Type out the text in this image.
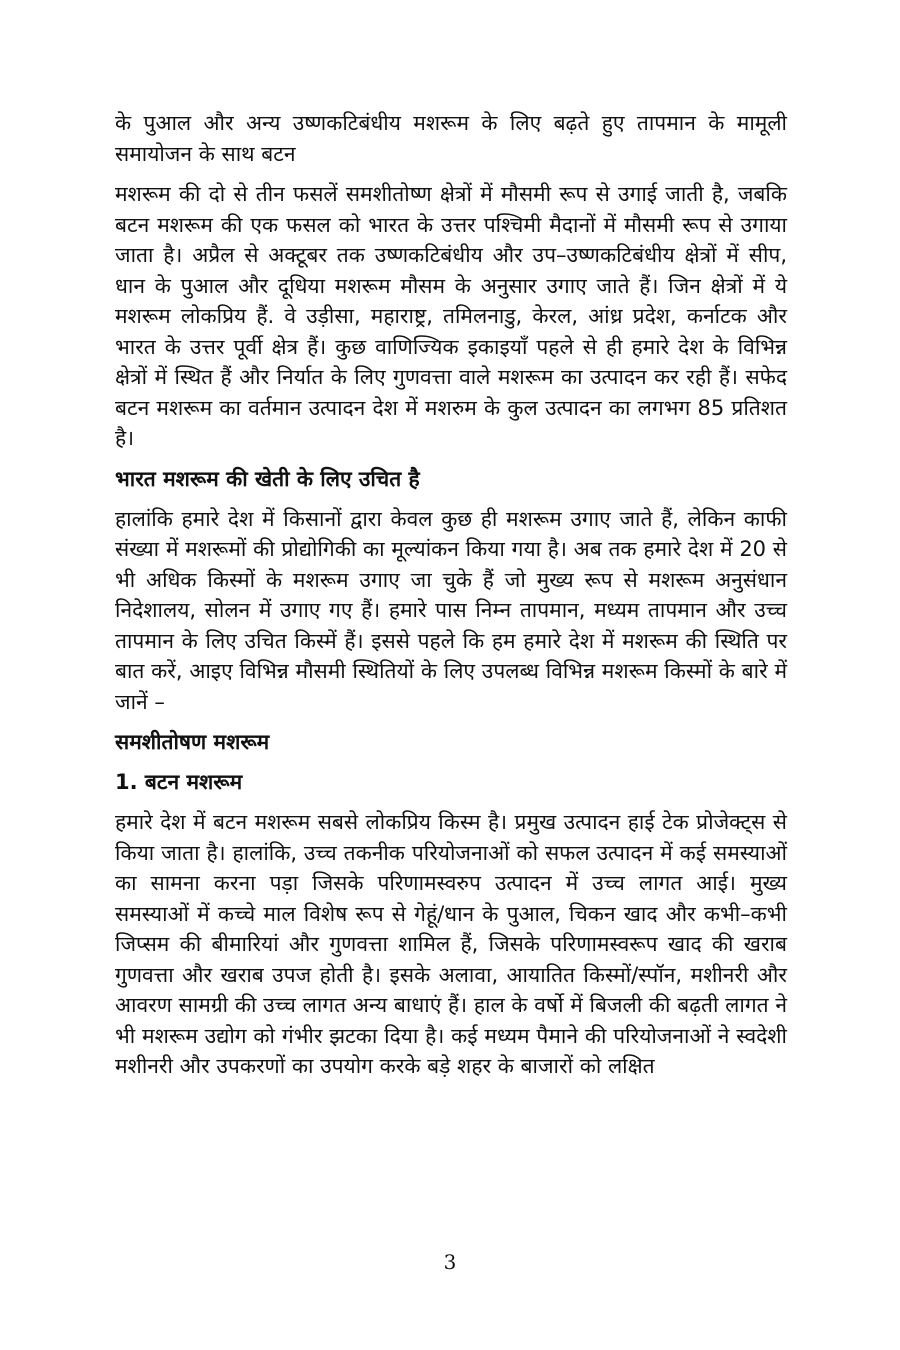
के पुआल और अन्य उष्णकटिबंधीय मशरूम के लिए बढ़ते हुए तापमान के मामूली समायोजन के साथ बटन

मशरूम की दो से तीन फसलें समशीतोष्ण क्षेत्रों में मौसमी रूप से उगाई जाती है, जबकि बटन मशरूम की एक फसल को भारत के उत्तर पश्चिमी मैदानों में मौसमी रूप से उगाया जाता है। अप्रैल से अक्टूबर तक उष्णकटिबंधीय और उप–उष्णकटिबंधीय क्षेत्रों में सीप, धान के पुआल और दूधिया मशरूम मौसम के अनुसार उगाए जाते हैं। जिन क्षेत्रों में ये मशरूम लोकप्रिय हैं. वे उड़ीसा, महाराष्ट्र, तमिलनाडु, केरल, आंध्र प्रदेश, कर्नाटक और भारत के उत्तर पूर्वी क्षेत्र हैं। कुछ वाणिज्यिक इकाइयाँ पहले से ही हमारे देश के विभिन्न क्षेत्रों में स्थित हैं और निर्यात के लिए गुणवत्ता वाले मशरूम का उत्पादन कर रही हैं। सफेद बटन मशरूम का वर्तमान उत्पादन देश में मशरुम के कुल उत्पादन का लगभग 85 प्रतिशत है।

भारत मशरूम की खेती के लिए उचित है

हालांकि हमारे देश में किसानों द्वारा केवल कुछ ही मशरूम उगाए जाते हैं, लेकिन काफी संख्या में मशरूमों की प्रोद्योगिकी का मूल्यांकन किया गया है। अब तक हमारे देश में 20 से भी अधिक किस्मों के मशरूम उगाए जा चुके हैं जो मुख्य रूप से मशरूम अनुसंधान निदेशालय, सोलन में उगाए गए हैं। हमारे पास निम्न तापमान, मध्यम तापमान और उच्च तापमान के लिए उचित किस्में हैं। इससे पहले कि हम हमारे देश में मशरूम की स्थिति पर बात करें, आइए विभिन्न मौसमी स्थितियों के लिए उपलब्ध विभिन्न मशरूम किस्मों के बारे में जानें –

समशीतोषण मशरूम
1. बटन मशरूम

हमारे देश में बटन मशरूम सबसे लोकप्रिय किस्म है। प्रमुख उत्पादन हाई टेक प्रोजेक्ट्स से किया जाता है। हालांकि, उच्च तकनीक परियोजनाओं को सफल उत्पादन में कई समस्याओं का सामना करना पड़ा जिसके परिणामस्वरुप उत्पादन में उच्च लागत आई। मुख्य समस्याओं में कच्चे माल विशेष रूप से गेहूं/धान के पुआल, चिकन खाद और कभी–कभी जिप्सम की बीमारियां और गुणवत्ता शामिल हैं, जिसके परिणामस्वरूप खाद की खराब गुणवत्ता और खराब उपज होती है। इसके अलावा, आयातित किस्मों/स्पॉन, मशीनरी और आवरण सामग्री की उच्च लागत अन्य बाधाएं हैं। हाल के वर्षो में बिजली की बढ़ती लागत ने भी मशरूम उद्योग को गंभीर झटका दिया है। कई मध्यम पैमाने की परियोजनाओं ने स्वदेशी मशीनरी और उपकरणों का उपयोग करके बड़े शहर के बाजारों को लक्षित

3
